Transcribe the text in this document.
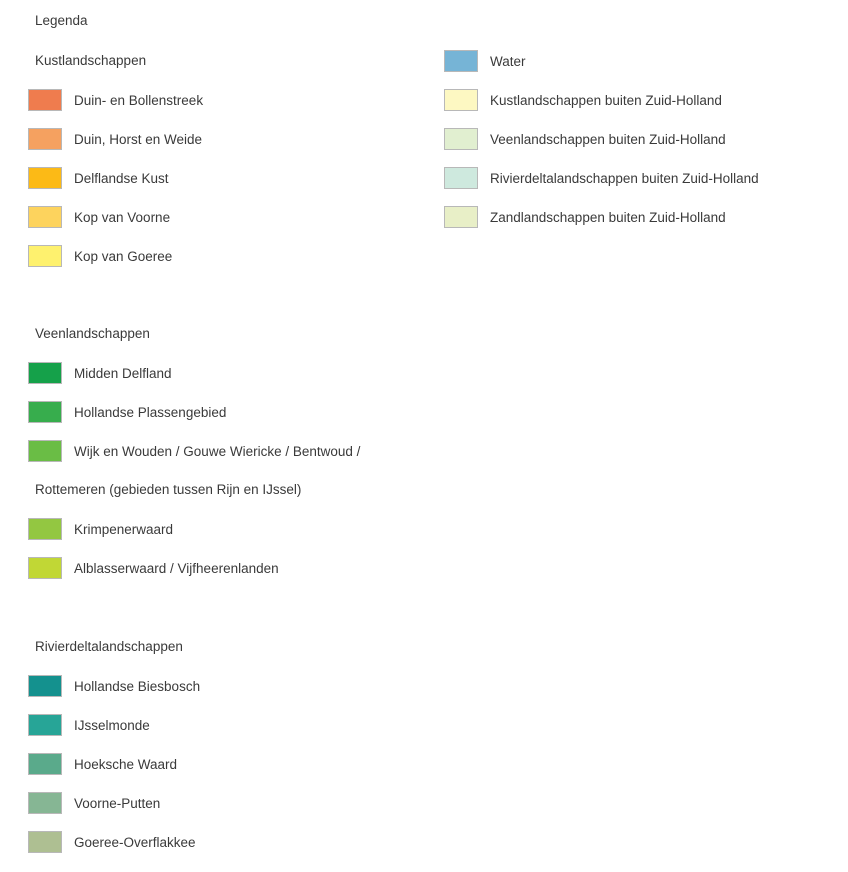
Legenda
Kustlandschappen
Duin- en Bollenstreek
Duin, Horst en Weide
Delflandse Kust
Kop van Voorne
Kop van Goeree
Veenlandschappen
Midden Delfland
Hollandse Plassengebied
Wijk en Wouden / Gouwe Wiericke / Bentwoud /
Rottemeren (gebieden tussen Rijn en IJssel)
Krimpenerwaard
Alblasserwaard / Vijfheerenlanden
Rivierdeltalandschappen
Hollandse Biesbosch
IJsselmonde
Hoeksche Waard
Voorne-Putten
Goeree-Overflakkee
Water
Kustlandschappen buiten Zuid-Holland
Veenlandschappen buiten Zuid-Holland
Rivierdeltalandschappen buiten Zuid-Holland
Zandlandschappen buiten Zuid-Holland
